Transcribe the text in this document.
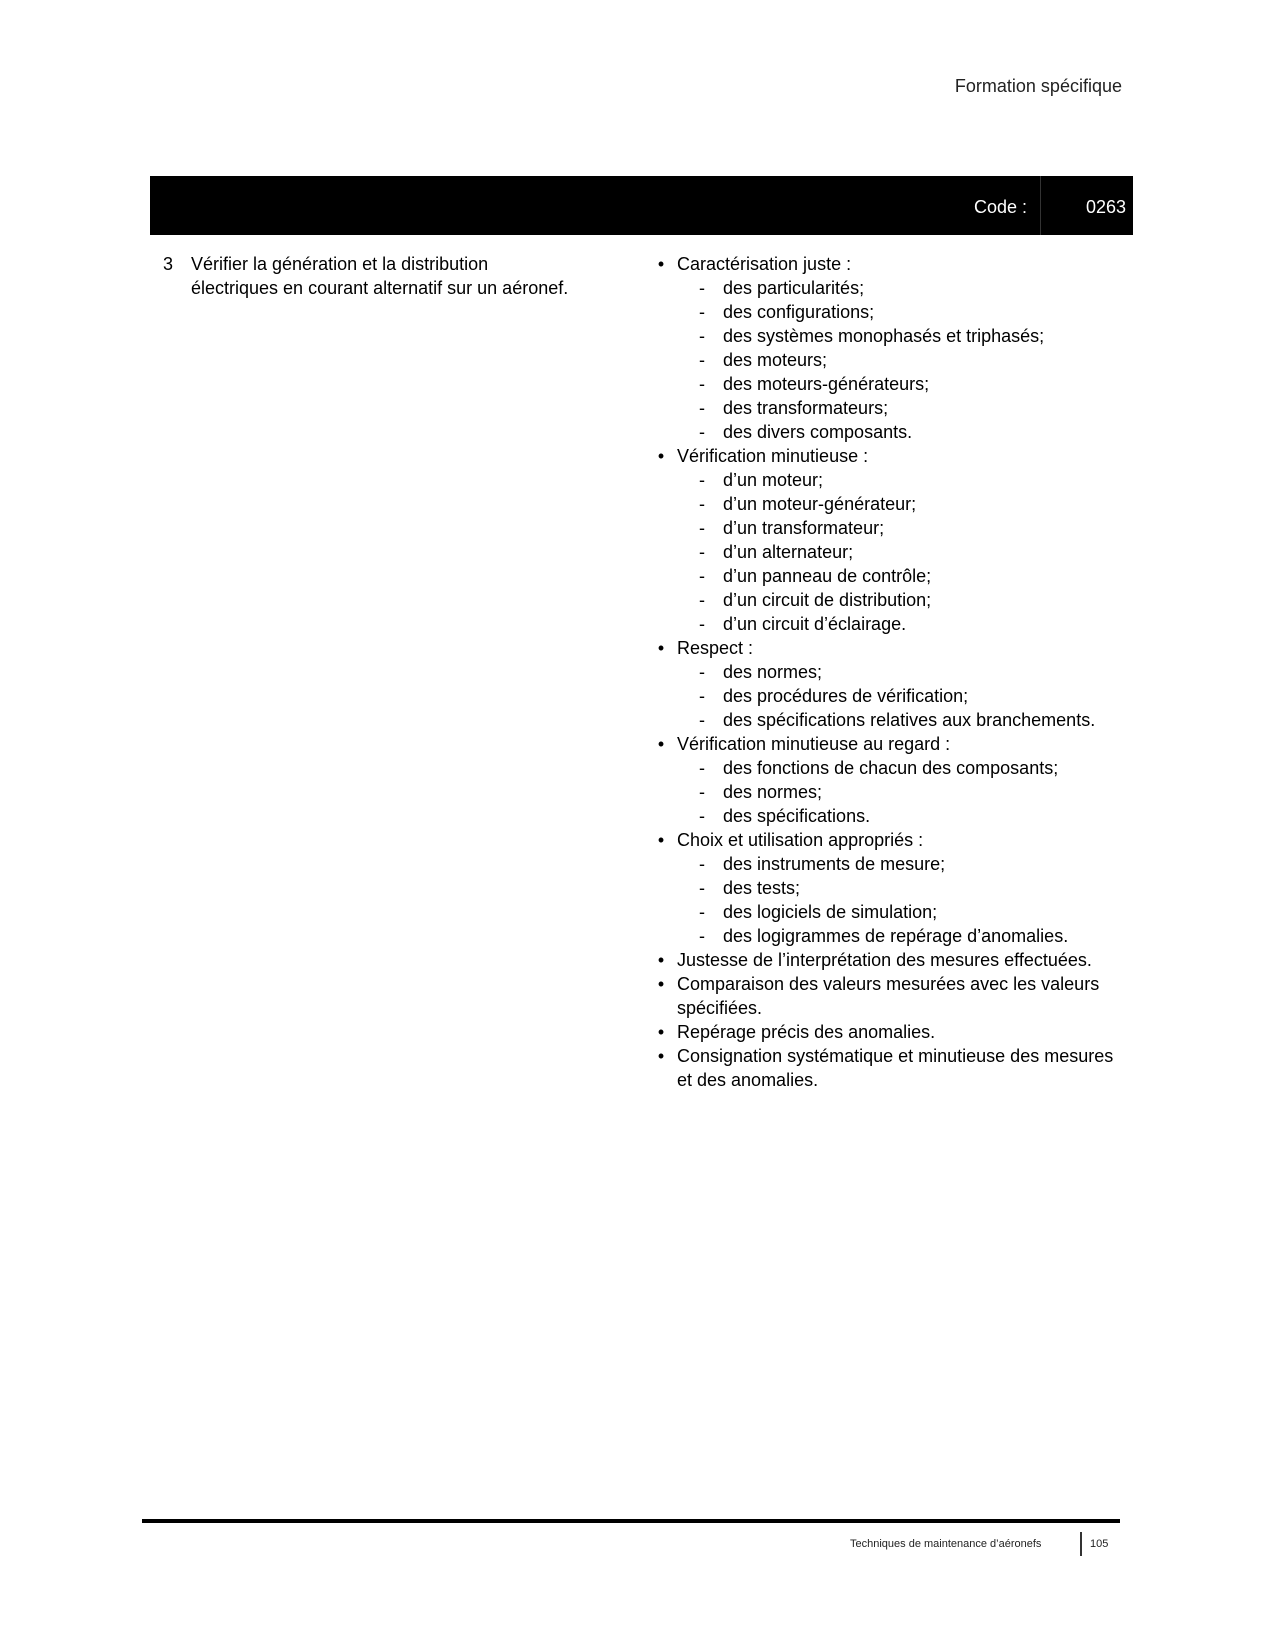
Formation spécifique
Code :	0263
3 Vérifier la génération et la distribution
électriques en courant alternatif sur un aéronef.
• Caractérisation juste :
- des particularités;
- des configurations;
- des systèmes monophasés et triphasés;
- des moteurs;
- des moteurs-générateurs;
- des transformateurs;
- des divers composants.
• Vérification minutieuse :
- d’un moteur;
- d’un moteur-générateur;
- d’un transformateur;
- d’un alternateur;
- d’un panneau de contrôle;
- d’un circuit de distribution;
- d’un circuit d’éclairage.
• Respect :
- des normes;
- des procédures de vérification;
- des spécifications relatives aux branchements.
• Vérification minutieuse au regard :
- des fonctions de chacun des composants;
- des normes;
- des spécifications.
• Choix et utilisation appropriés :
- des instruments de mesure;
- des tests;
- des logiciels de simulation;
- des logigrammes de repérage d’anomalies.
• Justesse de l’interprétation des mesures effectuées.
• Comparaison des valeurs mesurées avec les valeurs spécifiées.
• Repérage précis des anomalies.
• Consignation systématique et minutieuse des mesures et des anomalies.
Techniques de maintenance d’aéronefs	105
